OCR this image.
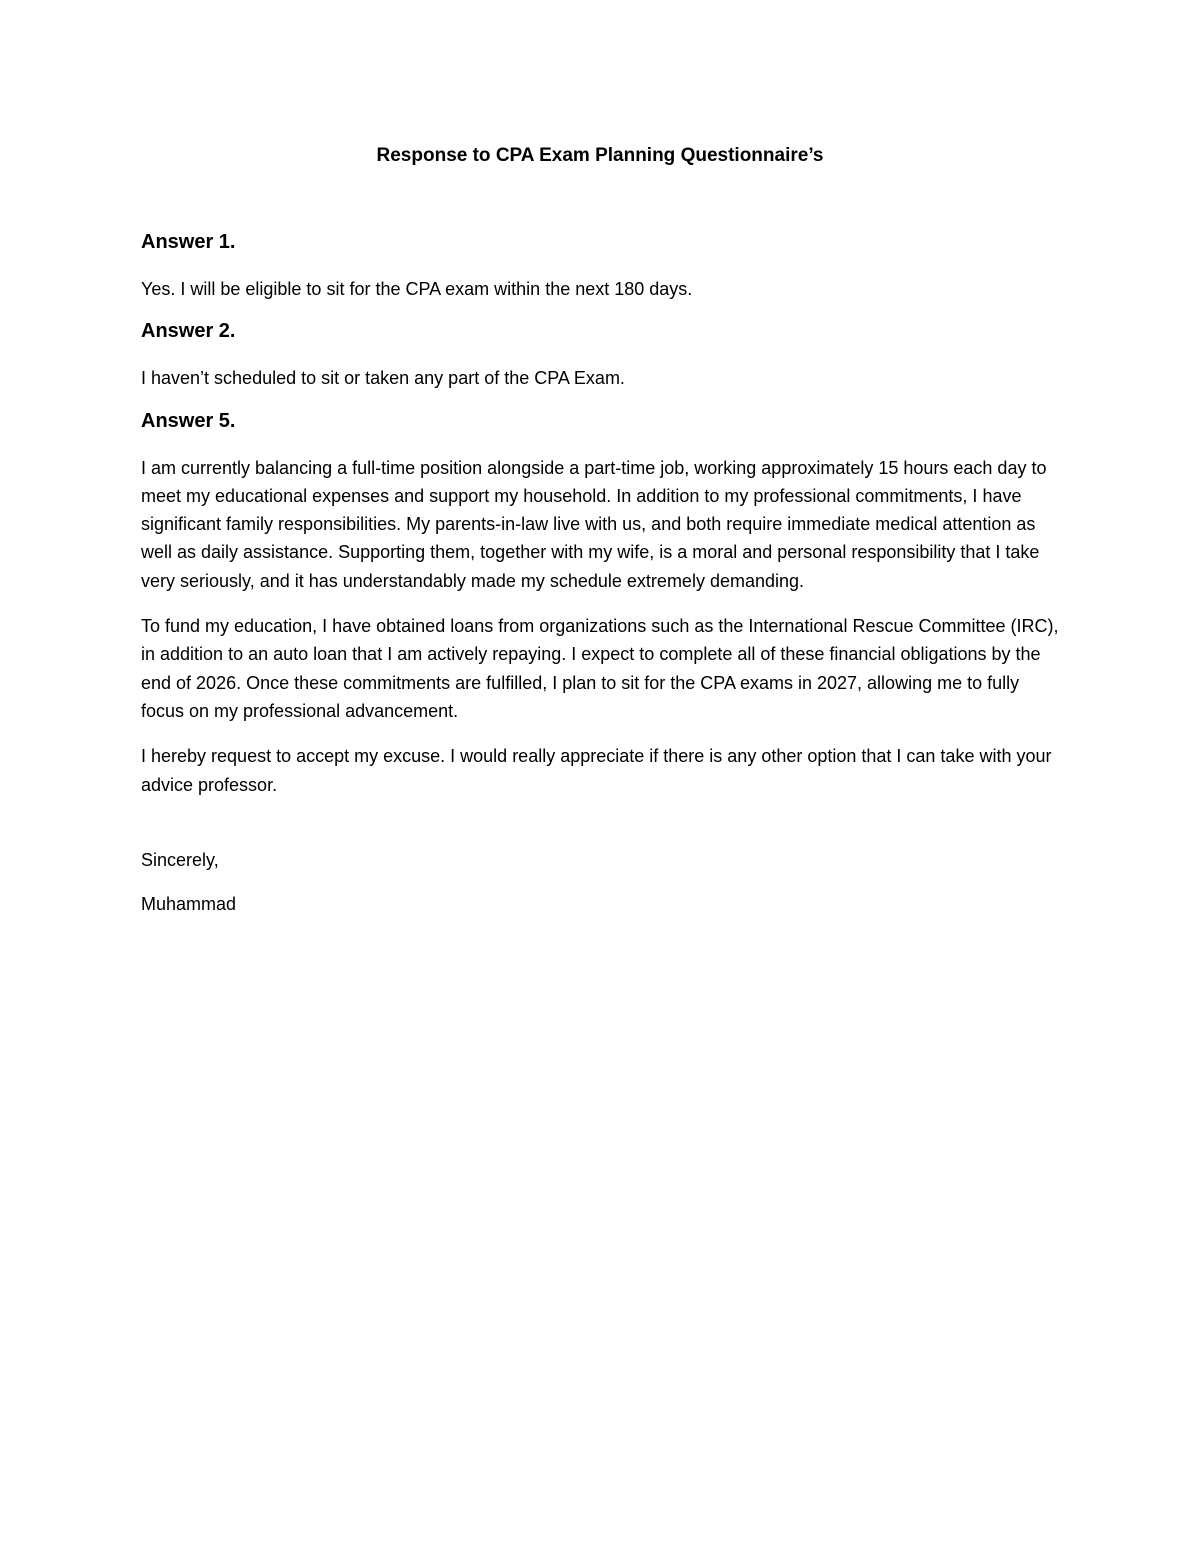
Response to CPA Exam Planning Questionnaire’s
Answer 1.

Yes. I will be eligible to sit for the CPA exam within the next 180 days.

Answer 2.

I haven’t scheduled to sit or taken any part of the CPA Exam.

Answer 5.

I am currently balancing a full-time position alongside a part-time job, working approximately 15 hours each day to meet my educational expenses and support my household. In addition to my professional commitments, I have significant family responsibilities. My parents-in-law live with us, and both require immediate medical attention as well as daily assistance. Supporting them, together with my wife, is a moral and personal responsibility that I take very seriously, and it has understandably made my schedule extremely demanding.

To fund my education, I have obtained loans from organizations such as the International Rescue Committee (IRC), in addition to an auto loan that I am actively repaying. I expect to complete all of these financial obligations by the end of 2026. Once these commitments are fulfilled, I plan to sit for the CPA exams in 2027, allowing me to fully focus on my professional advancement.

I hereby request to accept my excuse. I would really appreciate if there is any other option that I can take with your advice professor.

Sincerely,

Muhammad
